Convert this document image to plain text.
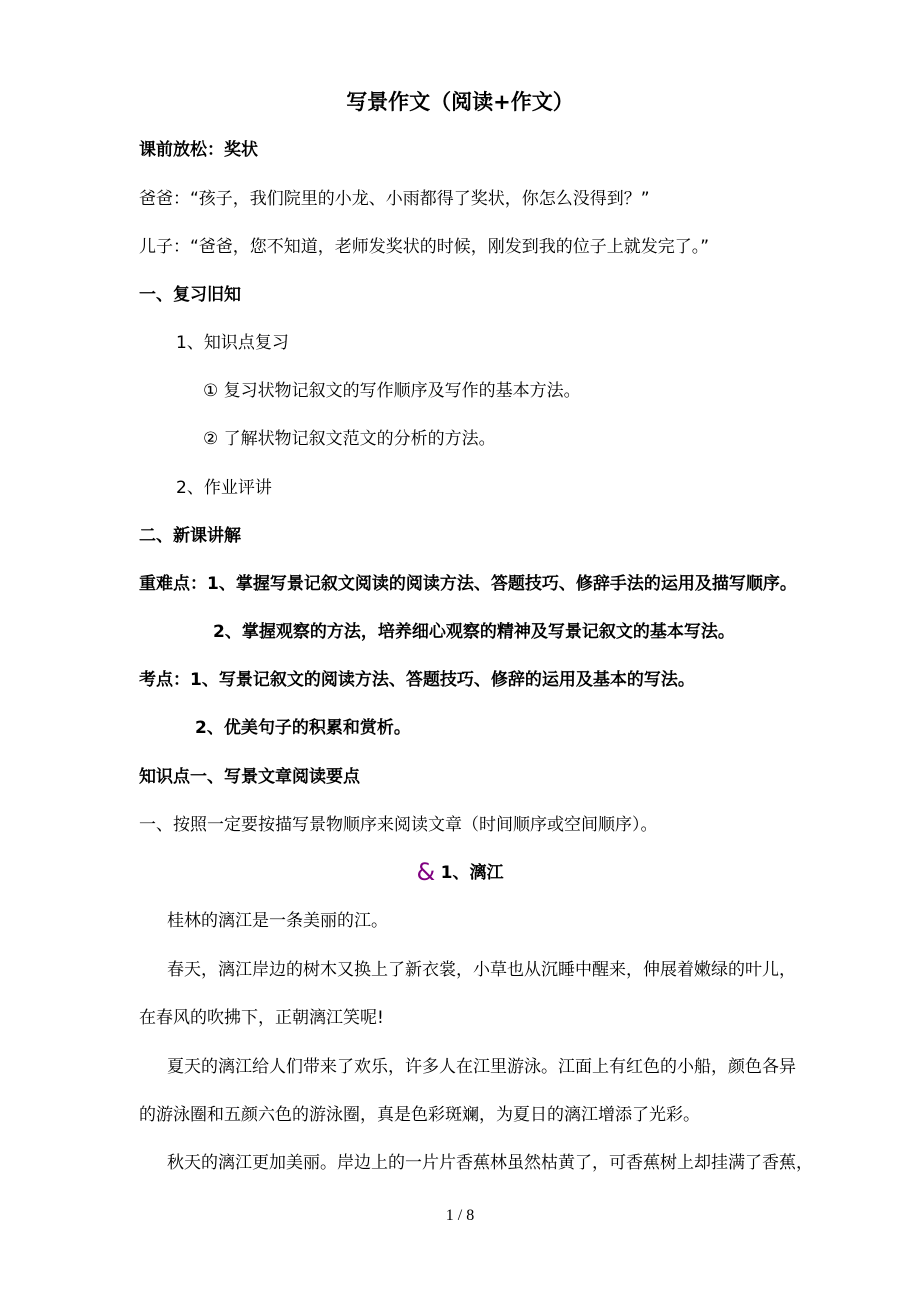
写景作文（阅读+作文）
课前放松：奖状
爸爸：“孩子，我们院里的小龙、小雨都得了奖状，你怎么没得到？”
儿子：“爸爸，您不知道，老师发奖状的时候，刚发到我的位子上就发完了。”
一、复习旧知
1、知识点复习
① 复习状物记叙文的写作顺序及写作的基本方法。
② 了解状物记叙文范文的分析的方法。
2、作业评讲
二、新课讲解
重难点：1、掌握写景记叙文阅读的阅读方法、答题技巧、修辞手法的运用及描写顺序。
2、掌握观察的方法，培养细心观察的精神及写景记叙文的基本写法。
考点：1、写景记叙文的阅读方法、答题技巧、修辞的运用及基本的写法。
2、优美句子的积累和赏析。
知识点一、写景文章阅读要点
一、按照一定要按描写景物顺序来阅读文章（时间顺序或空间顺序）。
& 1、漓江
桂林的漓江是一条美丽的江。
春天，漓江岸边的树木又换上了新衣裳，小草也从沉睡中醒来，伸展着嫩绿的叶儿，
在春风的吹拂下，正朝漓江笑呢!
夏天的漓江给人们带来了欢乐，许多人在江里游泳。江面上有红色的小船，颜色各异
的游泳圈和五颜六色的游泳圈，真是色彩斑斓，为夏日的漓江增添了光彩。
秋天的漓江更加美丽。岸边上的一片片香蕉林虽然枯黄了，可香蕉树上却挂满了香蕉，
1 / 8
